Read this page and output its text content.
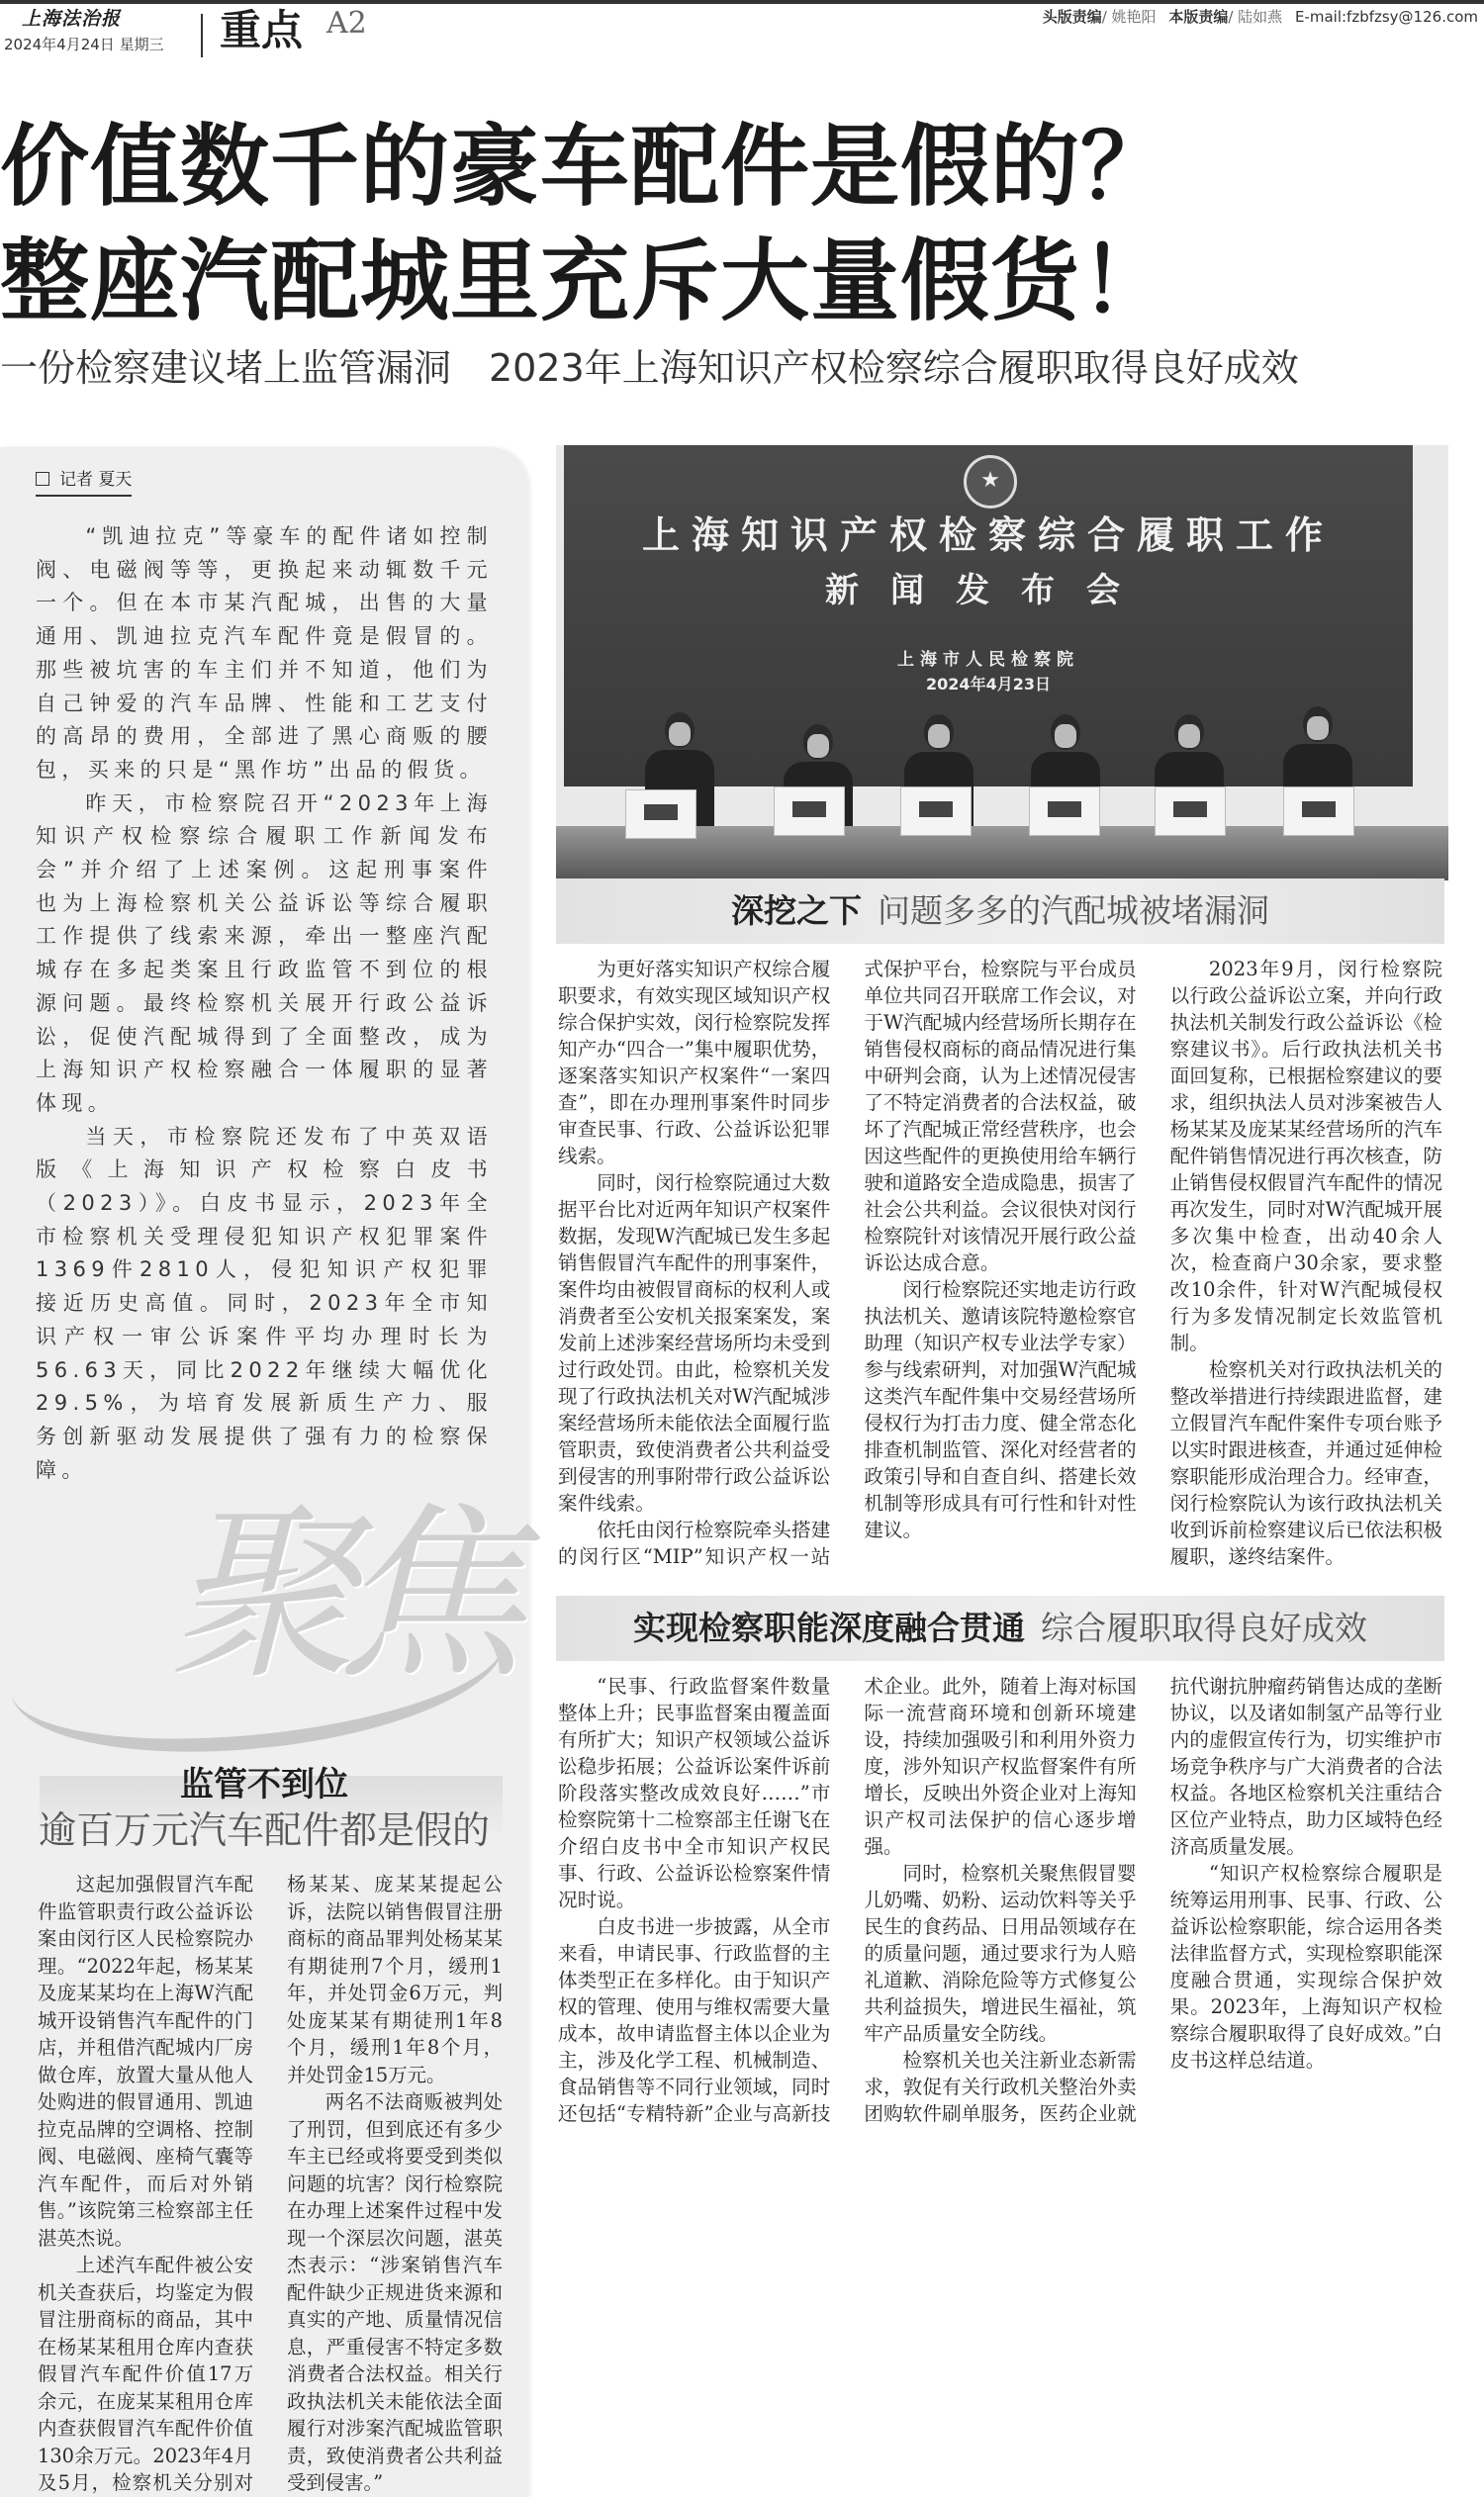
上海法治报
2024年4月24日 星期三 重点 A2	头版责编/ 姚艳阳 本版责编/ 陆如燕 E-mail:fzbfzsy@126.com
价值数千的豪车配件是假的？
整座汽配城里充斥大量假货！
一份检察建议堵上监管漏洞　2023年上海知识产权检察综合履职取得良好成效
记者 夏天

“凯迪拉克”等豪车的配件诸如控制阀、电磁阀等等，更换起来动辄数千元一个。但在本市某汽配城，出售的大量通用、凯迪拉克汽车配件竟是假冒的。那些被坑害的车主们并不知道，他们为自己钟爱的汽车品牌、性能和工艺支付的高昂的费用，全部进了黑心商贩的腰包，买来的只是“黑作坊”出品的假货。

昨天，市检察院召开“2023年上海知识产权检察综合履职工作新闻发布会”并介绍了上述案例。这起刑事案件也为上海检察机关公益诉讼等综合履职工作提供了线索来源，牵出一整座汽配城存在多起类案且行政监管不到位的根源问题。最终检察机关展开行政公益诉讼，促使汽配城得到了全面整改，成为上海知识产权检察融合一体履职的显著体现。

当天，市检察院还发布了中英双语版《上海知识产权检察白皮书（2023）》。白皮书显示，2023年全市检察机关受理侵犯知识产权犯罪案件1369件2810人，侵犯知识产权犯罪接近历史高值。同时，2023年全市知识产权一审公诉案件平均办理时长为56.63天，同比2022年继续大幅优化29.5%，为培育发展新质生产力、服务创新驱动发展提供了强有力的检察保障。

聚焦
监管不到位
逾百万元汽车配件都是假的

这起加强假冒汽车配件监管职责行政公益诉讼案由闵行区人民检察院办理。“2022年起，杨某某及庞某某均在上海W汽配城开设销售汽车配件的门店，并租借汽配城内厂房做仓库，放置大量从他人处购进的假冒通用、凯迪拉克品牌的空调格、控制阀、电磁阀、座椅气囊等汽车配件，而后对外销售。”该院第三检察部主任湛英杰说。

上述汽车配件被公安机关查获后，均鉴定为假冒注册商标的商品，其中在杨某某租用仓库内查获假冒汽车配件价值17万余元，在庞某某租用仓库内查获假冒汽车配件价值130余万元。2023年4月及5月，检察机关分别对杨某某、庞某某提起公诉，法院以销售假冒注册商标的商品罪判处杨某某有期徒刑7个月，缓刑1年，并处罚金6万元，判处庞某某有期徒刑1年8个月，缓刑1年8个月，并处罚金15万元。

两名不法商贩被判处了刑罚，但到底还有多少车主已经或将要受到类似问题的坑害？闵行检察院在办理上述案件过程中发现一个深层次问题，湛英杰表示：“涉案销售汽车配件缺少正规进货来源和真实的产地、质量情况信息，严重侵害不特定多数消费者合法权益。相关行政执法机关未能依法全面履行对涉案汽配城监管职责，致使消费者公共利益受到侵害。”

★
上海知识产权检察综合履职工作
新闻发布会
上海市人民检察院
2024年4月23日
深挖之下 问题多多的汽配城被堵漏洞

为更好落实知识产权综合履职要求，有效实现区域知识产权综合保护实效，闵行检察院发挥知产办“四合一”集中履职优势，逐案落实知识产权案件“一案四查”，即在办理刑事案件时同步审查民事、行政、公益诉讼犯罪线索。

同时，闵行检察院通过大数据平台比对近两年知识产权案件数据，发现W汽配城已发生多起销售假冒汽车配件的刑事案件，案件均由被假冒商标的权利人或消费者至公安机关报案案发，案发前上述涉案经营场所均未受到过行政处罚。由此，检察机关发现了行政执法机关对W汽配城涉案经营场所未能依法全面履行监管职责，致使消费者公共利益受到侵害的刑事附带行政公益诉讼案件线索。

依托由闵行检察院牵头搭建的闵行区“MIP”知识产权一站式保护平台，检察院与平台成员单位共同召开联席工作会议，对于W汽配城内经营场所长期存在销售侵权商标的商品情况进行集中研判会商，认为上述情况侵害了不特定消费者的合法权益，破坏了汽配城正常经营秩序，也会因这些配件的更换使用给车辆行驶和道路安全造成隐患，损害了社会公共利益。会议很快对闵行检察院针对该情况开展行政公益诉讼达成合意。

闵行检察院还实地走访行政执法机关、邀请该院特邀检察官助理（知识产权专业法学专家）参与线索研判，对加强W汽配城这类汽车配件集中交易经营场所侵权行为打击力度、健全常态化排查机制监管、深化对经营者的政策引导和自查自纠、搭建长效机制等形成具有可行性和针对性建议。

2023年9月，闵行检察院以行政公益诉讼立案，并向行政执法机关制发行政公益诉讼《检察建议书》。后行政执法机关书面回复称，已根据检察建议的要求，组织执法人员对涉案被告人杨某某及庞某某经营场所的汽车配件销售情况进行再次核查，防止销售侵权假冒汽车配件的情况再次发生，同时对W汽配城开展多次集中检查，出动40余人次，检查商户30余家，要求整改10余件，针对W汽配城侵权行为多发情况制定长效监管机制。

检察机关对行政执法机关的整改举措进行持续跟进监督，建立假冒汽车配件案件专项台账予以实时跟进核查，并通过延伸检察职能形成治理合力。经审查，闵行检察院认为该行政执法机关收到诉前检察建议后已依法积极履职，遂终结案件。

实现检察职能深度融合贯通 综合履职取得良好成效

“民事、行政监督案件数量整体上升；民事监督案由覆盖面有所扩大；知识产权领域公益诉讼稳步拓展；公益诉讼案件诉前阶段落实整改成效良好……”市检察院第十二检察部主任谢飞在介绍白皮书中全市知识产权民事、行政、公益诉讼检察案件情况时说。

白皮书进一步披露，从全市来看，申请民事、行政监督的主体类型正在多样化。由于知识产权的管理、使用与维权需要大量成本，故申请监督主体以企业为主，涉及化学工程、机械制造、食品销售等不同行业领域，同时还包括“专精特新”企业与高新技术企业。此外，随着上海对标国际一流营商环境和创新环境建设，持续加强吸引和利用外资力度，涉外知识产权监督案件有所增长，反映出外资企业对上海知识产权司法保护的信心逐步增强。

同时，检察机关聚焦假冒婴儿奶嘴、奶粉、运动饮料等关乎民生的食药品、日用品领域存在的质量问题，通过要求行为人赔礼道歉、消除危险等方式修复公共利益损失，增进民生福祉，筑牢产品质量安全防线。

检察机关也关注新业态新需求，敦促有关行政机关整治外卖团购软件刷单服务，医药企业就抗代谢抗肿瘤药销售达成的垄断协议，以及诸如制氢产品等行业内的虚假宣传行为，切实维护市场竞争秩序与广大消费者的合法权益。各地区检察机关注重结合区位产业特点，助力区域特色经济高质量发展。

“知识产权检察综合履职是统筹运用刑事、民事、行政、公益诉讼检察职能，综合运用各类法律监督方式，实现检察职能深度融合贯通，实现综合保护效果。2023年，上海知识产权检察综合履职取得了良好成效。”白皮书这样总结道。
